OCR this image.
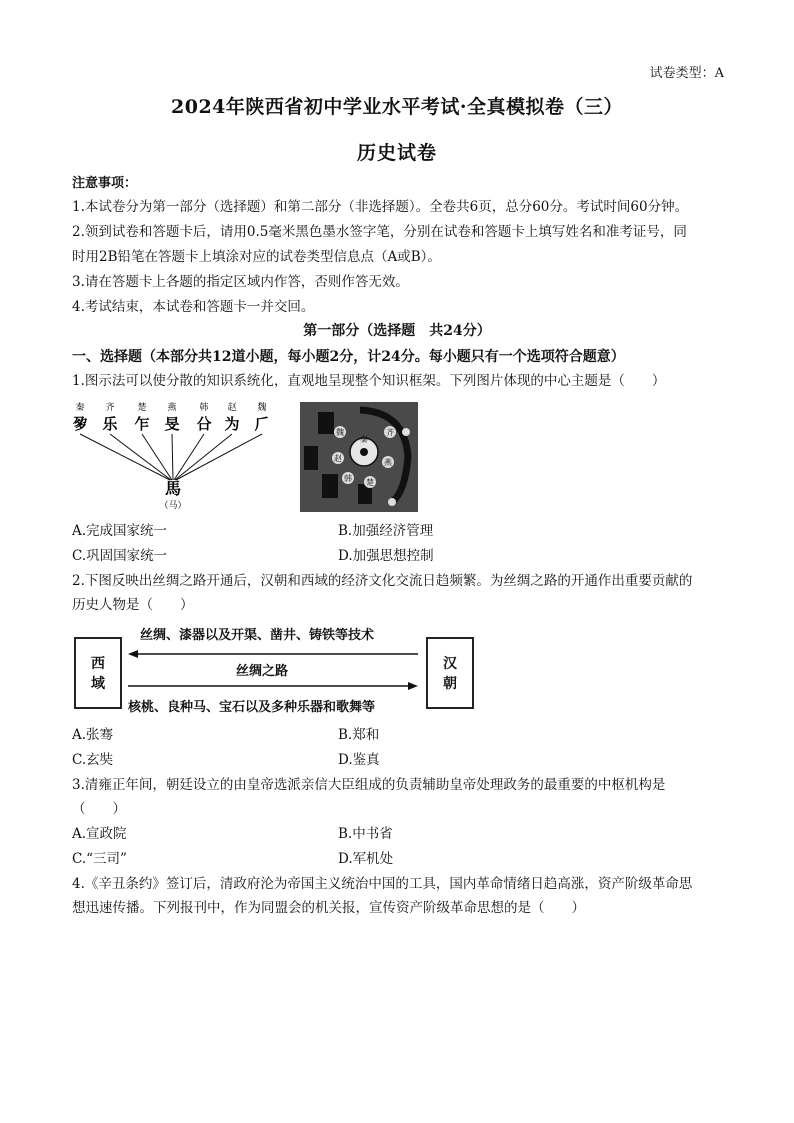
试卷类型：A
2024年陕西省初中学业水平考试·全真模拟卷（三）
历史试卷
注意事项：
1.本试卷分为第一部分（选择题）和第二部分（非选择题）。全卷共6页，总分60分。考试时间60分钟。
2.领到试卷和答题卡后，请用0.5毫米黑色墨水签字笔，分别在试卷和答题卡上填写姓名和准考证号，同
时用2B铅笔在答题卡上填涂对应的试卷类型信息点（A或B）。
3.请在答题卡上各题的指定区域内作答，否则作答无效。
4.考试结束，本试卷和答题卡一并交回。
第一部分（选择题　共24分）
一、选择题（本部分共12道小题，每小题2分，计24分。每小题只有一个选项符合题意）
1.图示法可以使分散的知识系统化，直观地呈现整个知识框架。下列图片体现的中心主题是（　　）
秦 齐	楚 燕	韩 赵 魏
㚉 乐 乍 旻 㕣 为 𠂆
馬
（马）
秦
齐
魏
赵
韩 楚
燕
A.完成国家统一	B.加强经济管理
C.巩固国家统一	D.加强思想控制
2.下图反映出丝绸之路开通后，汉朝和西域的经济文化交流日趋频繁。为丝绸之路的开通作出重要贡献的
历史人物是（　　）
西
域
汉
朝
丝绸、漆器以及开渠、凿井、铸铁等技术
丝绸之路
核桃、良种马、宝石以及多种乐器和歌舞等
A.张骞	B.郑和
C.玄奘	D.鉴真
3.清雍正年间，朝廷设立的由皇帝选派亲信大臣组成的负责辅助皇帝处理政务的最重要的中枢机构是
（　　）
A.宣政院	B.中书省
C.“三司”	D.军机处
4.《辛丑条约》签订后，清政府沦为帝国主义统治中国的工具，国内革命情绪日趋高涨，资产阶级革命思
想迅速传播。下列报刊中，作为同盟会的机关报，宣传资产阶级革命思想的是（　　）
